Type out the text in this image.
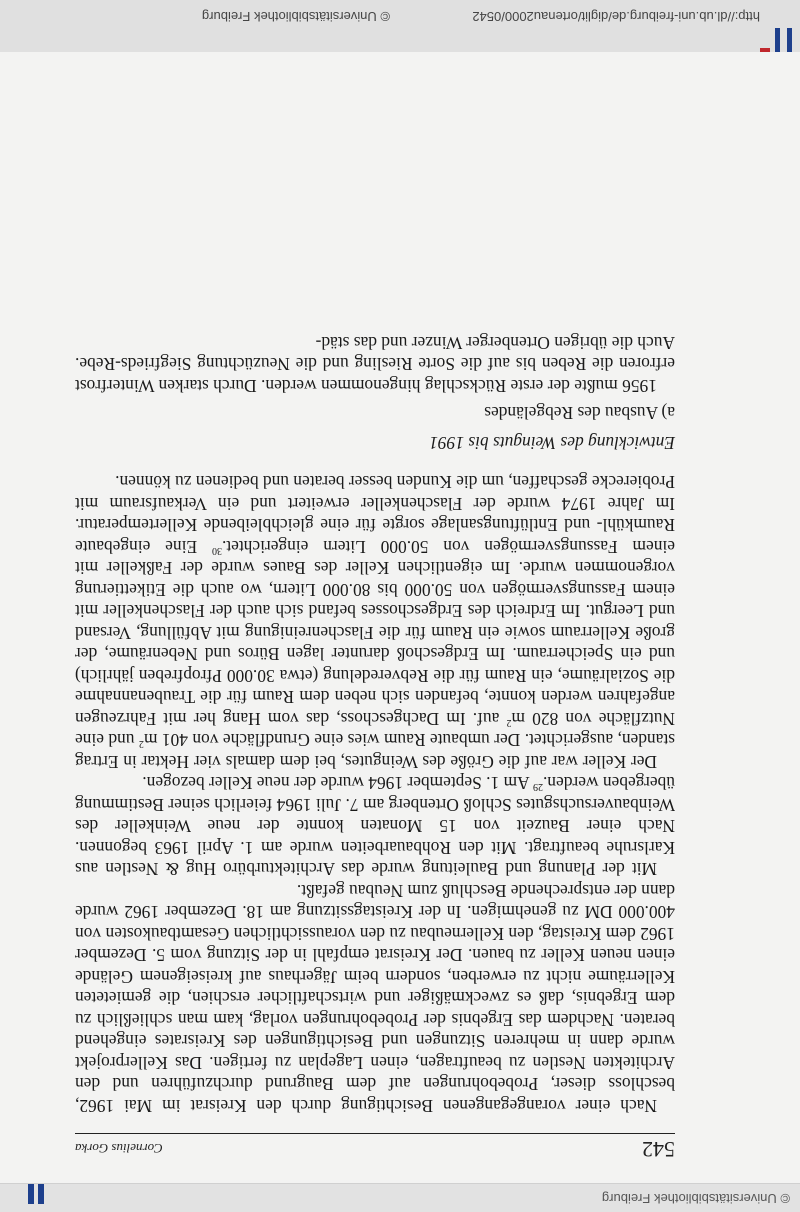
© Universitätsbibliothek Freiburg
542
Cornelius Gorka

Nach einer vorangegangenen Besichtigung durch den Kreisrat im Mai 1962, beschloss dieser, Probebohrungen auf dem Baugrund durchzuführen und den Architekten Nestlen zu beauftragen, einen Lageplan zu fertigen. Das Kellerprojekt wurde dann in mehreren Sitzungen und Besichtigungen des Kreisrates eingehend beraten. Nachdem das Ergebnis der Probebohrungen vorlag, kam man schließlich zu dem Ergebnis, daß es zweckmäßiger und wirtschaftlicher erschien, die gemieteten Kellerräume nicht zu erwerben, sondern beim Jägerhaus auf kreiseigenem Gelände einen neuen Keller zu bauen. Der Kreisrat empfahl in der Sitzung vom 5. Dezember 1962 dem Kreistag, den Kellerneubau zu den voraussichtlichen Gesamtbaukosten von 400.000 DM zu genehmigen. In der Kreistagssitzung am 18. Dezember 1962 wurde dann der entsprechende Beschluß zum Neubau gefaßt.

Mit der Planung und Bauleitung wurde das Architekturbüro Hug & Nestlen aus Karlsruhe beauftragt. Mit den Rohbauarbeiten wurde am 1. April 1963 begonnen. Nach einer Bauzeit von 15 Monaten konnte der neue Weinkeller des Weinbauversuchsgutes Schloß Ortenberg am 7. Juli 1964 feierlich seiner Bestimmung übergeben werden.$^{29}$ Am 1. September 1964 wurde der neue Keller bezogen.

Der Keller war auf die Größe des Weingutes, bei dem damals vier Hektar in Ertrag standen, ausgerichtet. Der umbaute Raum wies eine Grundfläche von 401 $m^2$ und eine Nutzfläche von 820 $m^2$ auf. Im Dachgeschoss, das vom Hang her mit Fahrzeugen angefahren werden konnte, befanden sich neben dem Raum für die Traubenannahme die Sozialräume, ein Raum für die Rebveredelung (etwa 30.000 Pfropfreben jährlich) und ein Speicherraum. Im Erdgeschoß darunter lagen Büros und Nebenräume, der große Kellerraum sowie ein Raum für die Flaschenreinigung mit Abfüllung, Versand und Leergut. Im Erdreich des Erdgeschosses befand sich auch der Flaschenkeller mit einem Fassungsvermögen von 50.000 bis 80.000 Litern, wo auch die Etikettierung vorgenommen wurde. Im eigentlichen Keller des Baues wurde der Faßkeller mit einem Fassungsvermögen von 50.000 Litern eingerichtet.$^{30}$ Eine eingebaute Raumkühl- und Entlüftungsanlage sorgte für eine gleichbleibende Kellertemperatur. Im Jahre 1974 wurde der Flaschenkeller erweitert und ein Verkaufsraum mit Probierecke geschaffen, um die Kunden besser beraten und bedienen zu können.

Entwicklung des Weinguts bis 1991

a) Ausbau des Rebgeländes

1956 mußte der erste Rückschlag hingenommen werden. Durch starken Winterfrost erfroren die Reben bis auf die Sorte Riesling und die Neuzüchtung Siegfrieds-Rebe. Auch die übrigen Ortenberger Winzer und das städ-

http://dl.ub.uni-freiburg.de/diglit/ortenau2000/0542
© Universitätsbibliothek Freiburg
